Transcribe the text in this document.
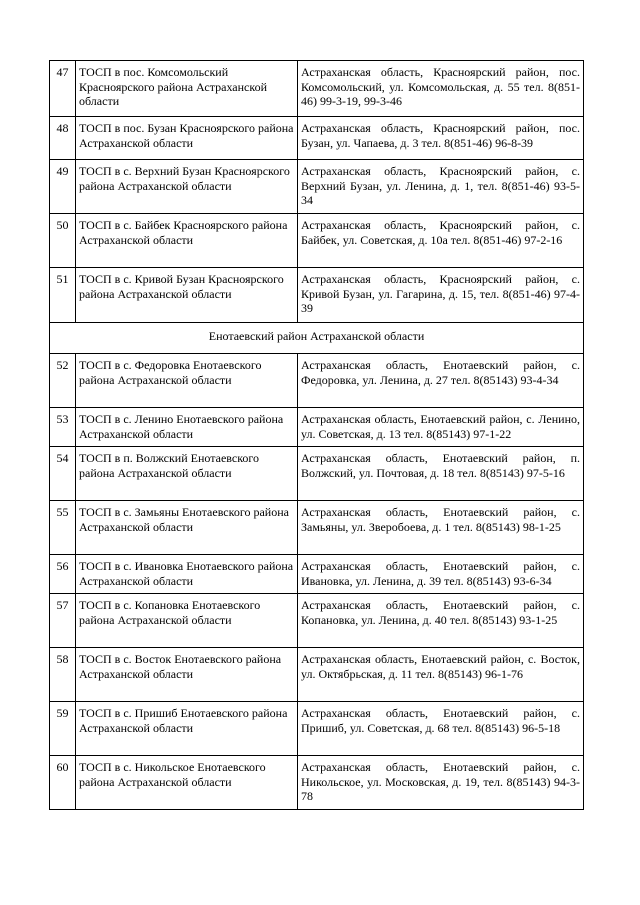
47	ТОСП в пос. Комсомольский Красноярского района Астраханской области	Астраханская область, Красноярский район, пос. Комсомольский, ул. Комсомольская, д. 55 тел. 8(851-46) 99-3-19, 99-3-46
48	ТОСП в пос. Бузан Красноярского района Астраханской области	Астраханская область, Красноярский район, пос. Бузан, ул. Чапаева, д. 3 тел. 8(851-46) 96-8-39
49	ТОСП в с. Верхний Бузан Красноярского района Астраханской области	Астраханская область, Красноярский район, с. Верхний Бузан, ул. Ленина, д. 1, тел. 8(851-46) 93-5-34
50	ТОСП в с. Байбек Красноярского района Астраханской области	Астраханская область, Красноярский район, с. Байбек, ул. Советская, д. 10а тел. 8(851-46) 97-2-16
51	ТОСП в с. Кривой Бузан Красноярского района Астраханской области	Астраханская область, Красноярский район, с. Кривой Бузан, ул. Гагарина, д. 15, тел. 8(851-46) 97-4-39
Енотаевский район Астраханской области		
52	ТОСП в с. Федоровка Енотаевского района Астраханской области	Астраханская область, Енотаевский район, с. Федоровка, ул. Ленина, д. 27 тел. 8(85143) 93-4-34
53	ТОСП в с. Ленино Енотаевского района Астраханской области	Астраханская область, Енотаевский район, с. Ленино, ул. Советская, д. 13 тел. 8(85143) 97-1-22
54	ТОСП в п. Волжский Енотаевского района Астраханской области	Астраханская область, Енотаевский район, п. Волжский, ул. Почтовая, д. 18 тел. 8(85143) 97-5-16
55	ТОСП в с. Замьяны Енотаевского района Астраханской области	Астраханская область, Енотаевский район, с. Замьяны, ул. Зверобоева, д. 1 тел. 8(85143) 98-1-25
56	ТОСП в с. Ивановка Енотаевского района Астраханской области	Астраханская область, Енотаевский район, с. Ивановка, ул. Ленина, д. 39 тел. 8(85143) 93-6-34
57	ТОСП в с. Копановка Енотаевского района Астраханской области	Астраханская область, Енотаевский район, с. Копановка, ул. Ленина, д. 40 тел. 8(85143) 93-1-25
58	ТОСП в с. Восток Енотаевского района Астраханской области	Астраханская область, Енотаевский район, с. Восток, ул. Октябрьская, д. 11 тел. 8(85143) 96-1-76
59	ТОСП в с. Пришиб Енотаевского района Астраханской области	Астраханская область, Енотаевский район, с. Пришиб, ул. Советская, д. 68 тел. 8(85143) 96-5-18
60	ТОСП в с. Никольское Енотаевского района Астраханской области	Астраханская область, Енотаевский район, с. Никольское, ул. Московская, д. 19, тел. 8(85143) 94-3-78
